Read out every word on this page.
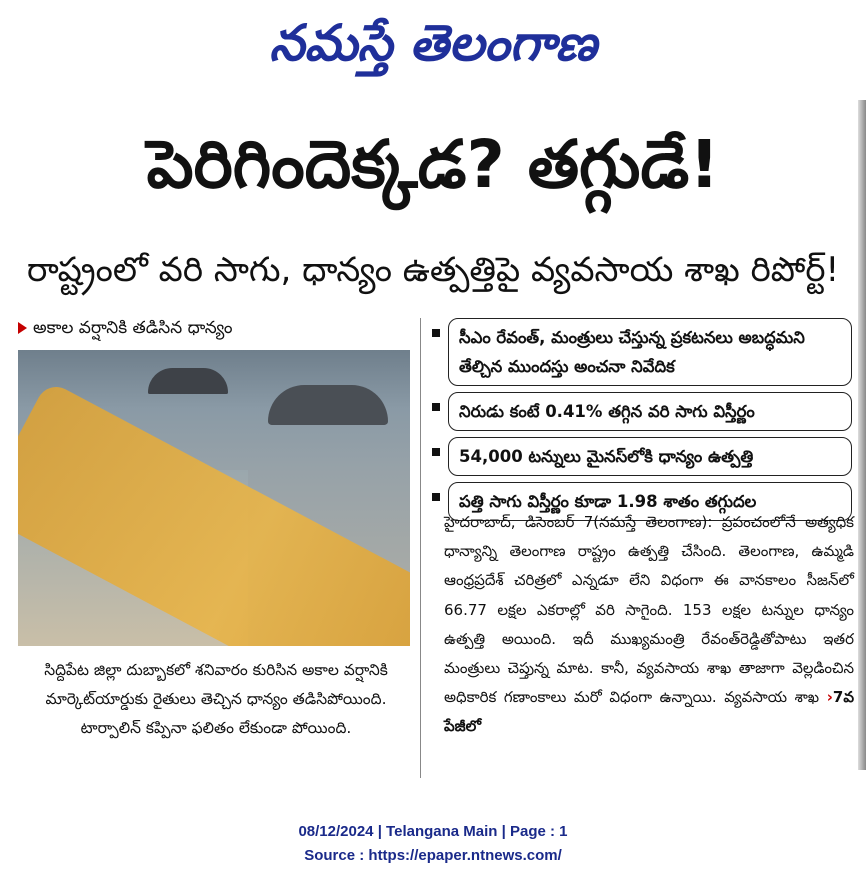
నమస్తే తెలంగాణ
పెరిగిందెక్కడ? తగ్గుడే!
రాష్ట్రంలో వరి సాగు, ధాన్యం ఉత్పత్తిపై వ్యవసాయ శాఖ రిపోర్ట్!
అకాల వర్షానికి తడిసిన ధాన్యం
సిద్దిపేట జిల్లా దుబ్బాకలో శనివారం కురిసిన అకాల వర్షానికి మార్కెట్‌యార్డుకు రైతులు తెచ్చిన ధాన్యం తడిసిపోయింది. టార్పాలిన్ కప్పినా ఫలితం లేకుండా పోయింది.
సీఎం రేవంత్, మంత్రులు చేస్తున్న ప్రకటనలు అబద్ధమని తేల్చిన ముందస్తు అంచనా నివేదిక
నిరుడు కంటే 0.41% తగ్గిన వరి సాగు విస్తీర్ణం
54,000 టన్నులు మైనస్‌లోకి ధాన్యం ఉత్పత్తి
పత్తి సాగు విస్తీర్ణం కూడా 1.98 శాతం తగ్గుదల
హైదరాబాద్, డిసెంబర్ 7(నమస్తే తెలంగాణ): ప్రపంచంలోనే అత్యధిక ధాన్యాన్ని తెలంగాణ రాష్ట్రం ఉత్పత్తి చేసింది. తెలంగాణ, ఉమ్మడి ఆంధ్రప్రదేశ్ చరిత్రలో ఎన్నడూ లేని విధంగా ఈ వానకాలం సీజన్‌లో 66.77 లక్షల ఎకరాల్లో వరి సాగైంది. 153 లక్షల టన్నుల ధాన్యం ఉత్పత్తి అయింది. ఇదీ ముఖ్యమంత్రి రేవంత్‌రెడ్డితోపాటు ఇతర మంత్రులు చెప్తున్న మాట. కానీ, వ్యవసాయ శాఖ తాజాగా వెల్లడించిన అధికారిక గణాంకాలు మరో విధంగా ఉన్నాయి. వ్యవసాయ శాఖ ›7వ పేజీలో
08/12/2024 | Telangana Main | Page : 1
Source : https://epaper.ntnews.com/
